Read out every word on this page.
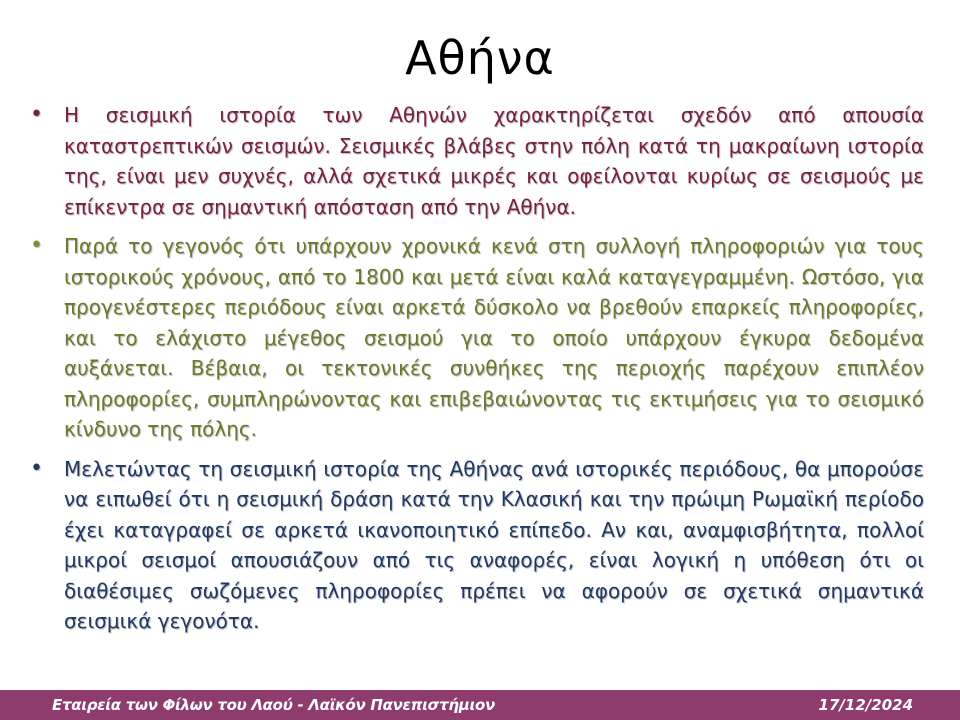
Αθήνα
• Η σεισμική ιστορία των Αθηνών χαρακτηρίζεται σχεδόν από απουσία καταστρεπτικών σεισμών. Σεισμικές βλάβες στην πόλη κατά τη μακραίωνη ιστορία της, είναι μεν συχνές, αλλά σχετικά μικρές και οφείλονται κυρίως σε σεισμούς με επίκεντρα σε σημαντική απόσταση από την Αθήνα.
• Παρά το γεγονός ότι υπάρχουν χρονικά κενά στη συλλογή πληροφοριών για τους ιστορικούς χρόνους, από το 1800 και μετά είναι καλά καταγεγραμμένη. Ωστόσο, για προγενέστερες περιόδους είναι αρκετά δύσκολο να βρεθούν επαρκείς πληροφορίες, και το ελάχιστο μέγεθος σεισμού για το οποίο υπάρχουν έγκυρα δεδομένα αυξάνεται. Βέβαια, οι τεκτονικές συνθήκες της περιοχής παρέχουν επιπλέον πληροφορίες, συμπληρώνοντας και επιβεβαιώνοντας τις εκτιμήσεις για το σεισμικό κίνδυνο της πόλης.
• Μελετώντας τη σεισμική ιστορία της Αθήνας ανά ιστορικές περιόδους, θα μπορούσε να ειπωθεί ότι η σεισμική δράση κατά την Κλασική και την πρώιμη Ρωμαϊκή περίοδο έχει καταγραφεί σε αρκετά ικανοποιητικό επίπεδο. Αν και, αναμφισβήτητα, πολλοί μικροί σεισμοί απουσιάζουν από τις αναφορές, είναι λογική η υπόθεση ότι οι διαθέσιμες σωζόμενες πληροφορίες πρέπει να αφορούν σε σχετικά σημαντικά σεισμικά γεγονότα.
Εταιρεία των Φίλων του Λαού - Λαϊκόν Πανεπιστήμιον	17/12/2024
